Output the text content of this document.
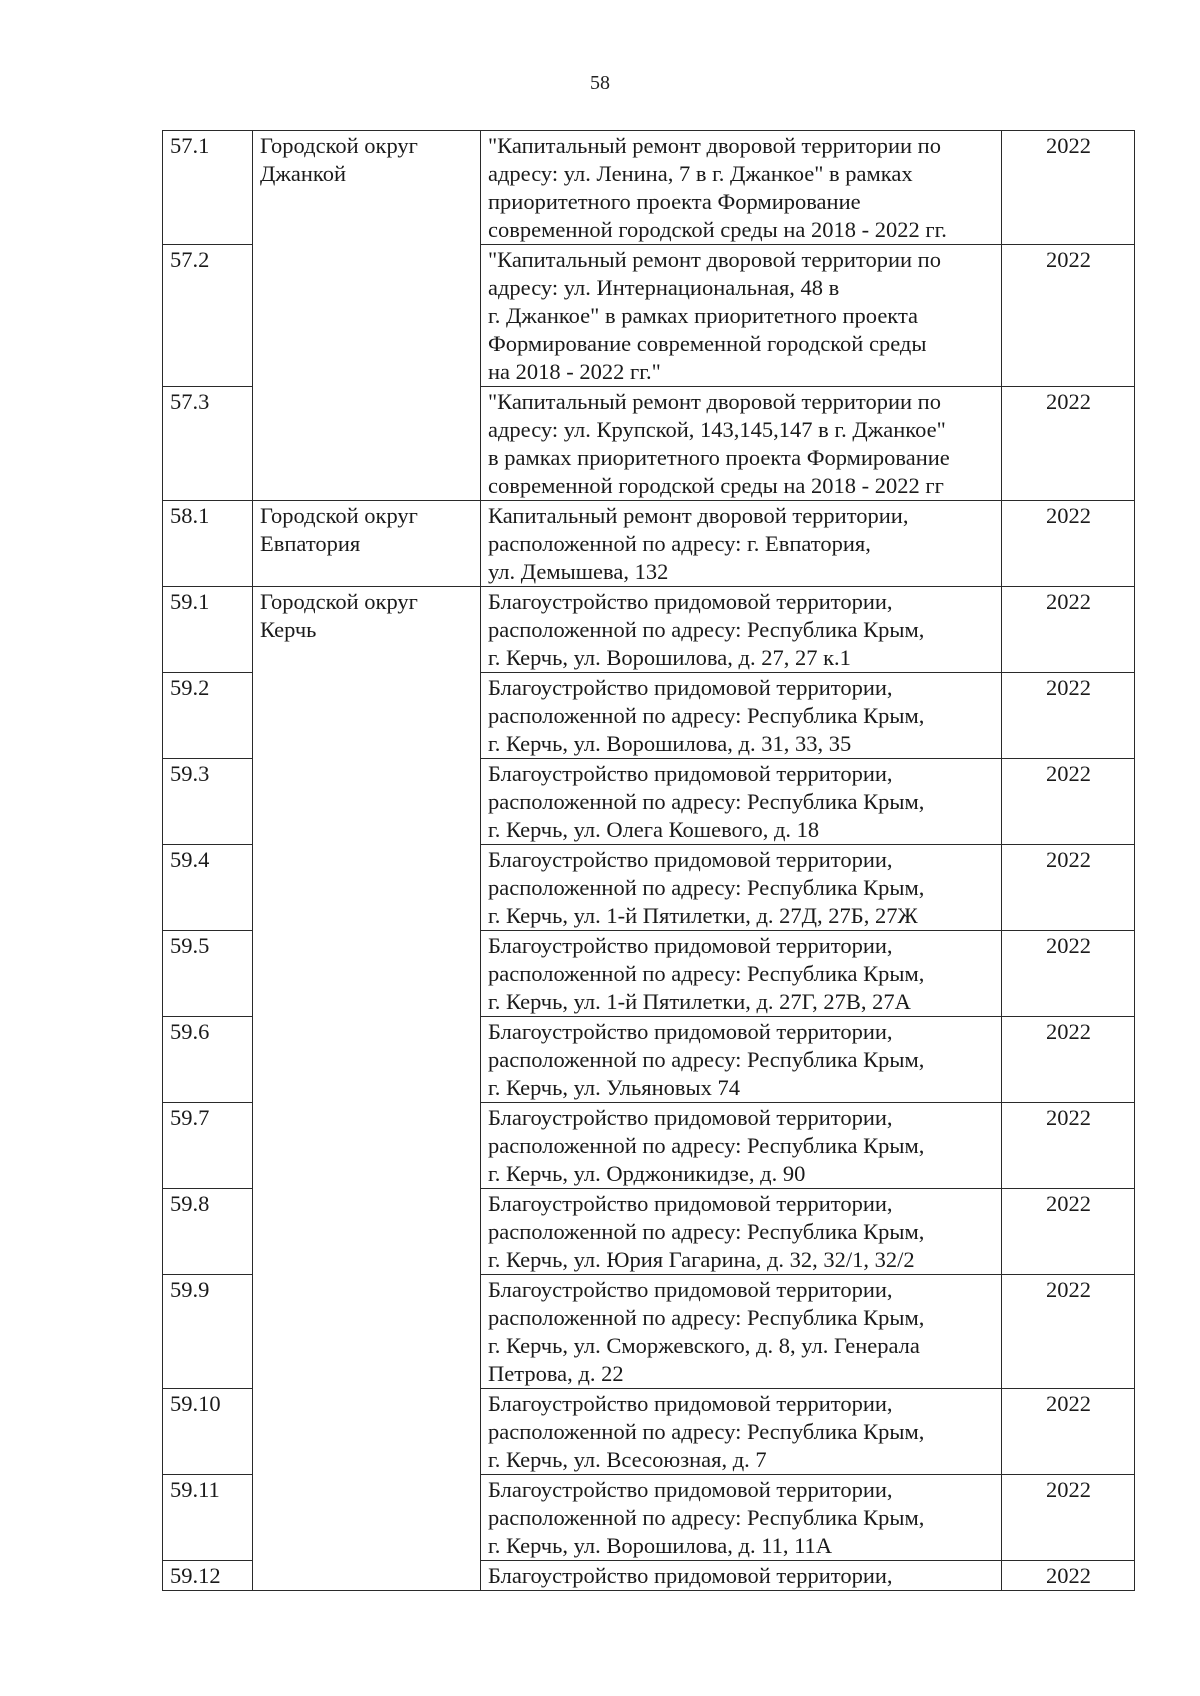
58
57.1	Городской округ Джанкой	"Капитальный ремонт дворовой территории по
адресу: ул. Ленина, 7 в г. Джанкое" в рамках
приоритетного проекта Формирование
современной городской среды на 2018 - 2022 гг.	2022
57.2		"Капитальный ремонт дворовой территории по
адресу: ул. Интернациональная, 48 в
г. Джанкое" в рамках приоритетного проекта
Формирование современной городской среды
на 2018 - 2022 гг."	2022
57.3		"Капитальный ремонт дворовой территории по
адресу: ул. Крупской, 143,145,147 в г. Джанкое"
в рамках приоритетного проекта Формирование
современной городской среды на 2018 - 2022 гг	2022
58.1	Городской округ Евпатория	Капитальный ремонт дворовой территории,
расположенной по адресу: г. Евпатория,
ул. Демышева, 132	2022
59.1	Городской округ Керчь	Благоустройство придомовой территории,
расположенной по адресу: Республика Крым,
г. Керчь, ул. Ворошилова, д. 27, 27 к.1	2022
59.2		Благоустройство придомовой территории,
расположенной по адресу: Республика Крым,
г. Керчь, ул. Ворошилова, д. 31, 33, 35	2022
59.3		Благоустройство придомовой территории,
расположенной по адресу: Республика Крым,
г. Керчь, ул. Олега Кошевого, д. 18	2022
59.4		Благоустройство придомовой территории,
расположенной по адресу: Республика Крым,
г. Керчь, ул. 1-й Пятилетки, д. 27Д, 27Б, 27Ж	2022
59.5		Благоустройство придомовой территории,
расположенной по адресу: Республика Крым,
г. Керчь, ул. 1-й Пятилетки, д. 27Г, 27В, 27А	2022
59.6		Благоустройство придомовой территории,
расположенной по адресу: Республика Крым,
г. Керчь, ул. Ульяновых 74	2022
59.7		Благоустройство придомовой территории,
расположенной по адресу: Республика Крым,
г. Керчь, ул. Орджоникидзе, д. 90	2022
59.8		Благоустройство придомовой территории,
расположенной по адресу: Республика Крым,
г. Керчь, ул. Юрия Гагарина, д. 32, 32/1, 32/2	2022
59.9		Благоустройство придомовой территории,
расположенной по адресу: Республика Крым,
г. Керчь, ул. Сморжевского, д. 8, ул. Генерала
Петрова, д. 22	2022
59.10		Благоустройство придомовой территории,
расположенной по адресу: Республика Крым,
г. Керчь, ул. Всесоюзная, д. 7	2022
59.11		Благоустройство придомовой территории,
расположенной по адресу: Республика Крым,
г. Керчь, ул. Ворошилова, д. 11, 11А	2022
59.12		Благоустройство придомовой территории,	2022
